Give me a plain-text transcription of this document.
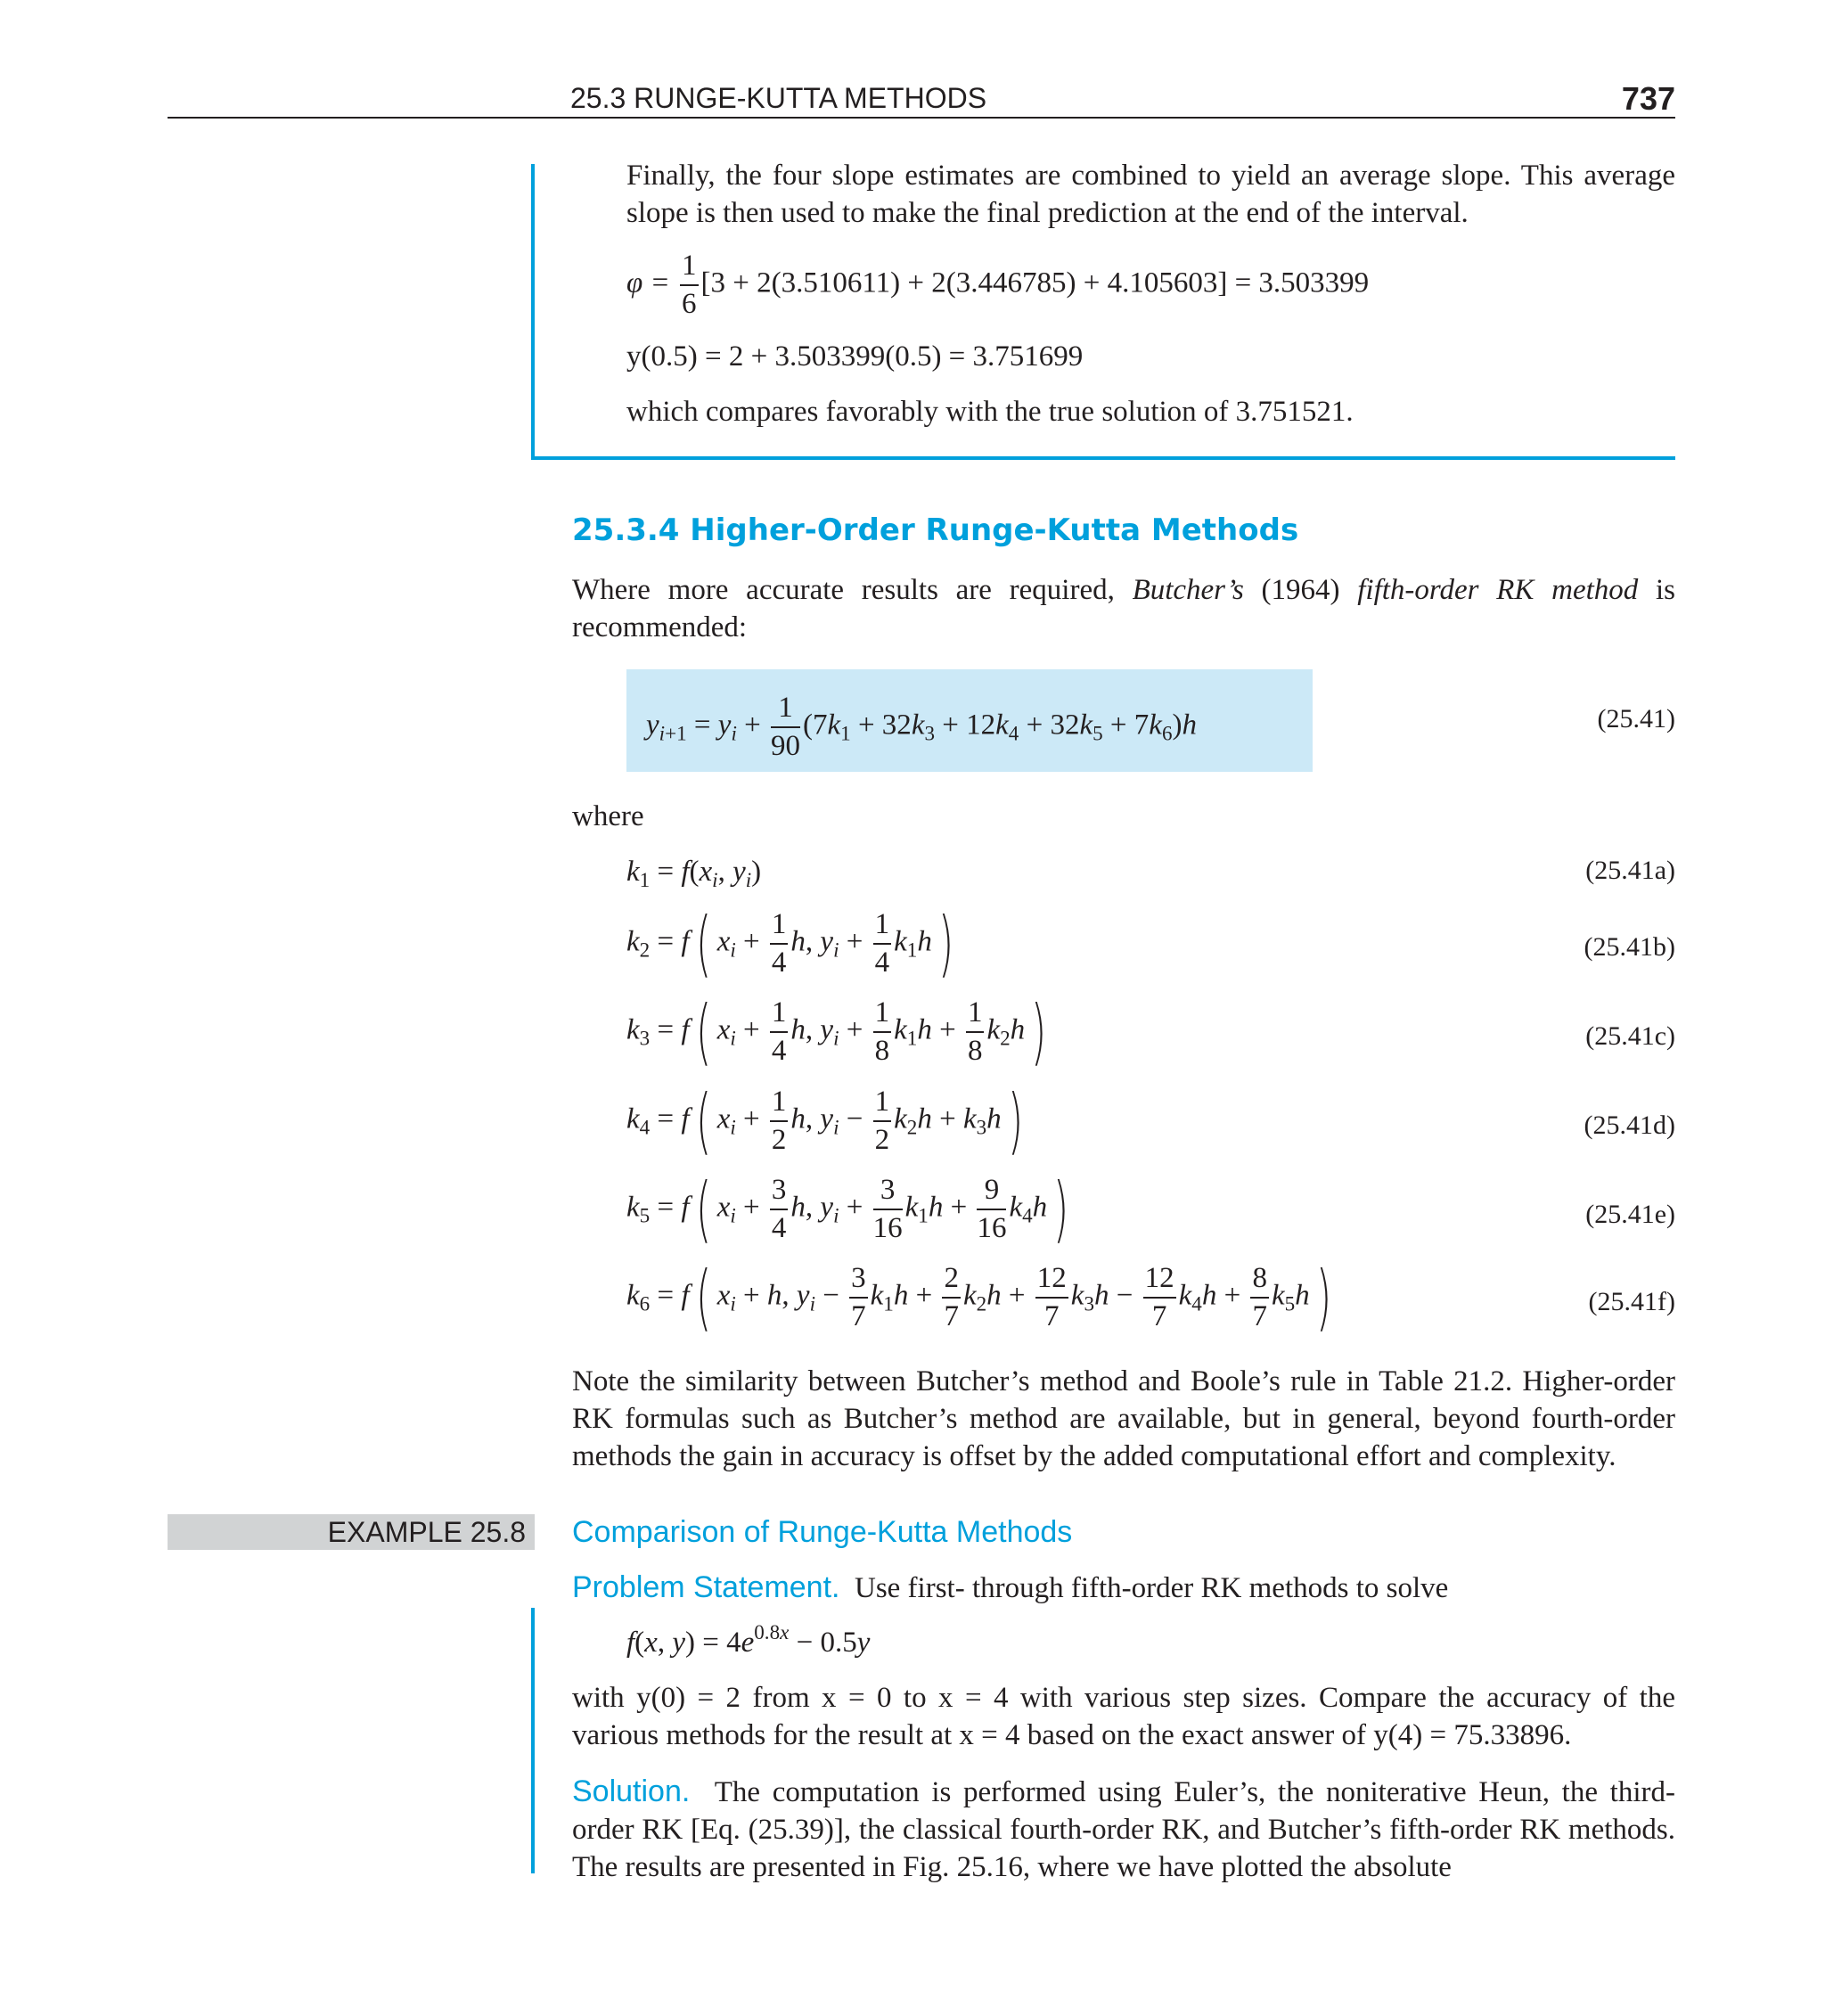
25.3 RUNGE-KUTTA METHODS	737
Finally, the four slope estimates are combined to yield an average slope. This average slope is then used to make the final prediction at the end of the interval.
$\varphi = \frac{1}{6} [3 + 2(3.510611) + 2(3.446785) + 4.105603] = 3.503399$
y(0.5) = 2 + 3.503399(0.5) = 3.751699
which compares favorably with the true solution of 3.751521.
25.3.4 Higher-Order Runge-Kutta Methods
Where more accurate results are required, Butcher’s (1964) fifth-order RK method is recommended:
$y_{i+1} = y_i + \frac{1}{90} (7k_1 + 32k_3 + 12k_4 + 32k_5 + 7k_6)h$	(25.41)
where
$k_1 = f(x_i$, $y_i$)	(25.41a)
$k_2 = f$( $x_i + \frac{1}{4} h$, $y_i + \frac{1}{4} k_1h$)	(25.41b)
$k_3 = f$( $x_i + \frac{1}{4} h$, $y_i + \frac{1}{8} k_1h + \frac{1}{8} k_2h$)	(25.41c)
$k_4 = f$( $x_i + \frac{1}{2} h$, $y_i - \frac{1}{2} k_2h + k_3h$)	(25.41d)
$k_5 = f$( $x_i + \frac{3}{4} h$, $y_i + \frac{3}{16} k_1h + \frac{9}{16} k_4h$)	(25.41e)
$k_6 = f$( $x_i + h$, $y_i - \frac{3}{7} k_1h + \frac{2}{7} k_2h + \frac{12}{7} k_3h - \frac{12}{7} k_4h + \frac{8}{7} k_5h$)	(25.41f)
Note the similarity between Butcher’s method and Boole’s rule in Table 21.2. Higher-order RK formulas such as Butcher’s method are available, but in general, beyond fourth-order methods the gain in accuracy is offset by the added computational effort and complexity.
EXAMPLE 25.8 Comparison of Runge-Kutta Methods
Problem Statement. Use first- through fifth-order RK methods to solve
f(x, $y) = 4e^{0.8x} - 0.5y$
with y(0) = 2 from x = 0 to x = 4 with various step sizes. Compare the accuracy of the various methods for the result at x = 4 based on the exact answer of y(4) = 75.33896.
Solution. The computation is performed using Euler’s, the noniterative Heun, the third-order RK [Eq. (25.39)], the classical fourth-order RK, and Butcher’s fifth-order RK methods. The results are presented in Fig. 25.16, where we have plotted the absolute
